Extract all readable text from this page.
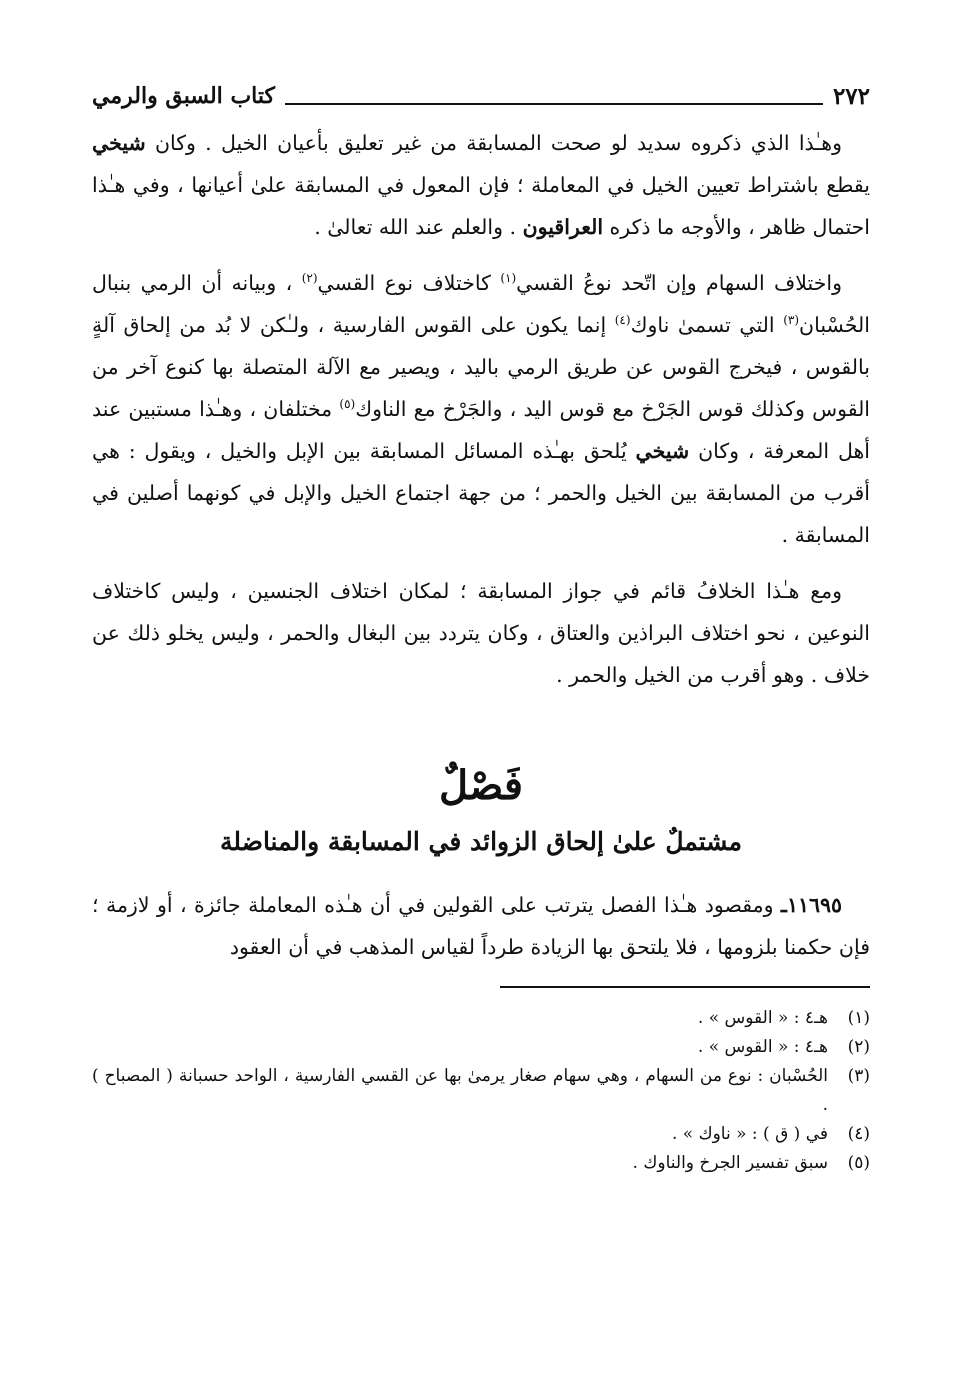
٢٧٢
كتاب السبق والرمي

وهـٰذا الذي ذكروه سديد لو صحت المسابقة من غير تعليق بأعيان الخيل . وكان شيخي يقطع باشتراط تعيين الخيل في المعاملة ؛ فإن المعول في المسابقة علىٰ أعيانها ، وفي هـٰذا احتمال ظاهر ، والأوجه ما ذكره العراقيون . والعلم عند الله تعالىٰ .

واختلاف السهام وإن اتّحد نوعُ القسي$^{(١)}$ كاختلاف نوع القسي$^{(٢)}$ ، وبيانه أن الرمي بنبال الحُسْبان$^{(٣)}$ التي تسمىٰ ناوك$^{(٤)}$ إنما يكون على القوس الفارسية ، ولـٰكن لا بُد من إلحاق آلةٍ بالقوس ، فيخرج القوس عن طريق الرمي باليد ، ويصير مع الآلة المتصلة بها كنوع آخر من القوس وكذلك قوس الجَرْخ مع قوس اليد ، والجَرْخ مع الناوك$^{(٥)}$ مختلفان ، وهـٰذا مستبين عند أهل المعرفة ، وكان شيخي يُلحق بهـٰذه المسائل المسابقة بين الإبل والخيل ، ويقول : هي أقرب من المسابقة بين الخيل والحمر ؛ من جهة اجتماع الخيل والإبل في كونهما أصلين في المسابقة .

ومع هـٰذا الخلافُ قائم في جواز المسابقة ؛ لمكان اختلاف الجنسين ، وليس كاختلاف النوعين ، نحو اختلاف البراذين والعتاق ، وكان يتردد بين البغال والحمر ، وليس يخلو ذلك عن خلاف . وهو أقرب من الخيل والحمر .

فَصْلٌ
مشتملٌ علىٰ إلحاق الزوائد في المسابقة والمناضلة

١١٦٩٥ـ ومقصود هـٰذا الفصل يترتب على القولين في أن هـٰذه المعاملة جائزة ، أو لازمة ؛ فإن حكمنا بلزومها ، فلا يلتحق بها الزيادة طرداً لقياس المذهب في أن العقود

(١)
هـ٤ : « القوس » .
(٢)
هـ٤ : « القوس » .
(٣)
الحُسْبان : نوع من السهام ، وهي سهام صغار يرمىٰ بها عن القسي الفارسية ، الواحد حسبانة ( المصباح ) .
(٤)
في ( ق ) : « ناوك » .
(٥)
سبق تفسير الجرخ والناوك .
